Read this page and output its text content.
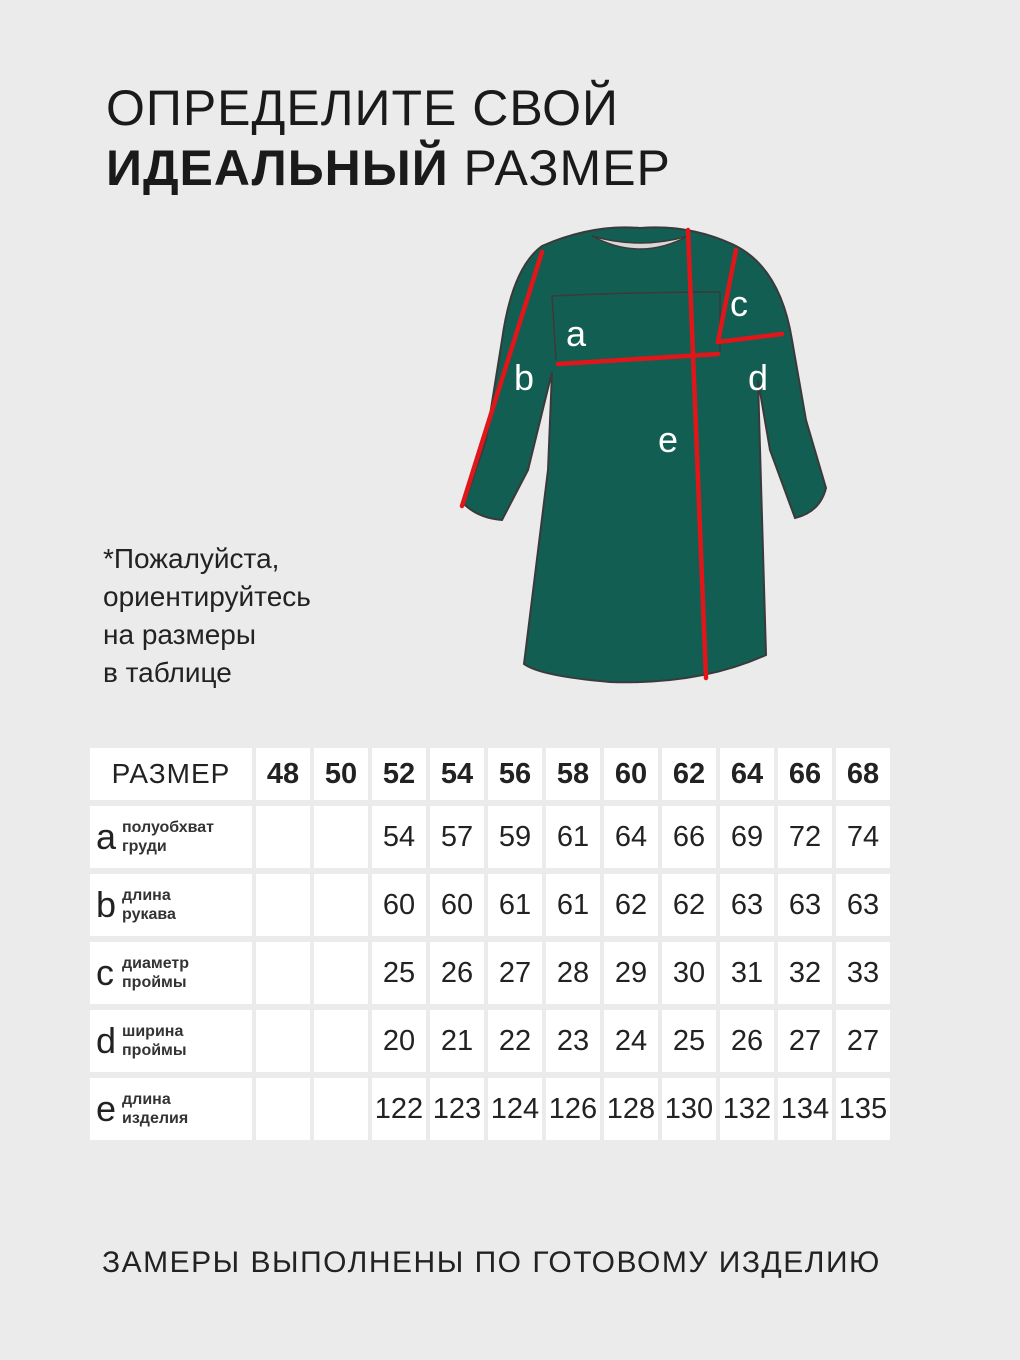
ОПРЕДЕЛИТЕ СВОЙ
ИДЕАЛЬНЫЙ РАЗМЕР
a
b
c
d
e
*Пожалуйста,
ориентируйтесь
на размеры
в таблице
РАЗМЕР	48	50	52	54	56	58	60	62	64	66	68
a полуобхват
груди			54	57	59	61	64	66	69	72	74
b длина
рукава			60	60	61	61	62	62	63	63	63
c диаметр
проймы			25	26	27	28	29	30	31	32	33
d ширина
проймы			20	21	22	23	24	25	26	27	27
e длина
изделия			122	123	124	126	128	130	132	134	135
ЗАМЕРЫ ВЫПОЛНЕНЫ ПО ГОТОВОМУ ИЗДЕЛИЮ
